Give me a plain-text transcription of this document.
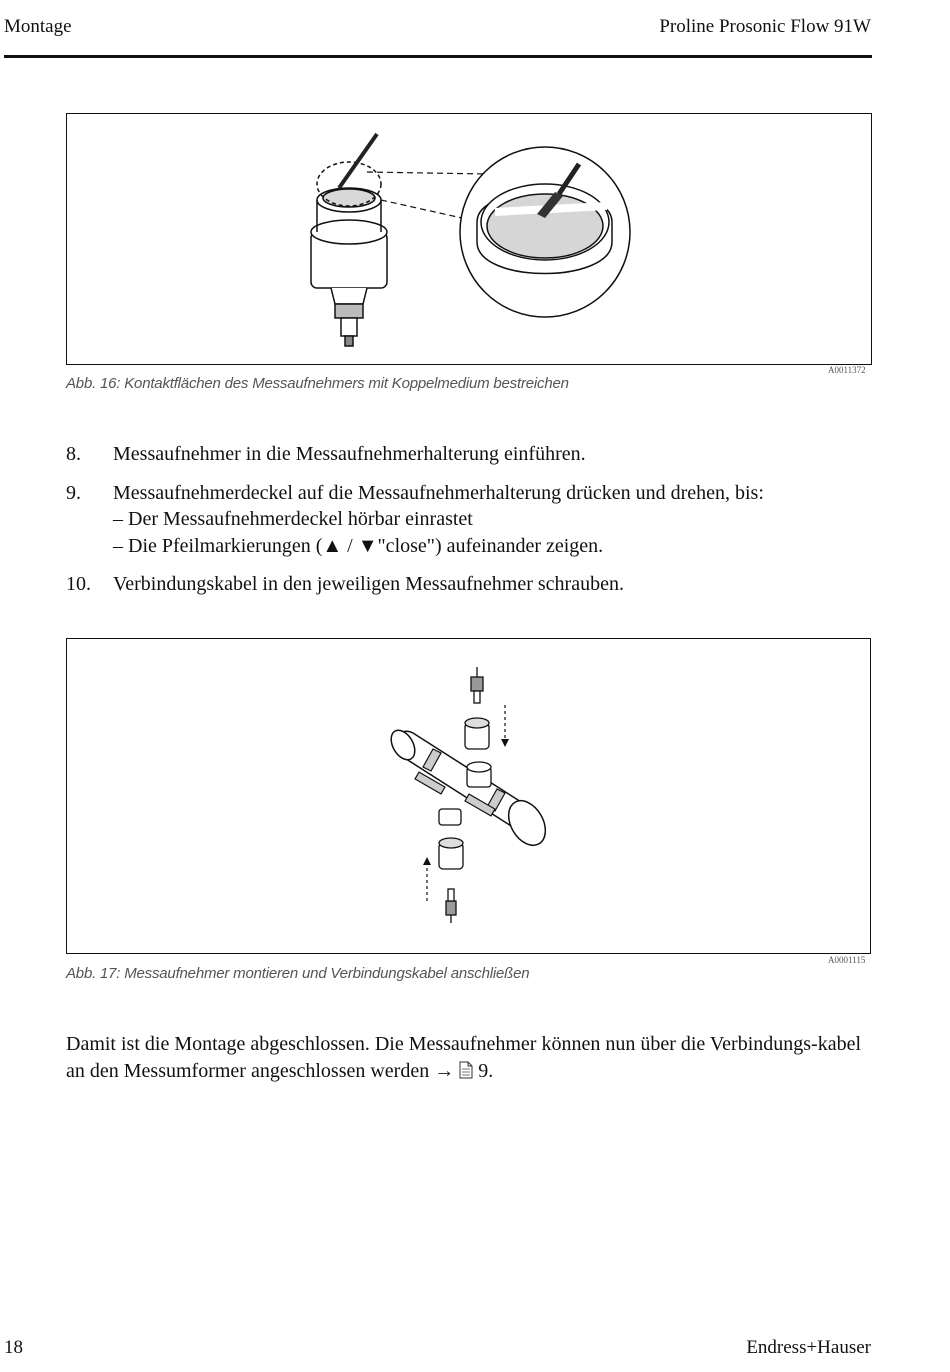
Montage	Proline Prosonic Flow 91W
A0011372
Abb. 16: Kontaktflächen des Messaufnehmers mit Koppelmedium bestreichen
8. Messaufnehmer in die Messaufnehmerhalterung einführen.
9. Messaufnehmerdeckel auf die Messaufnehmerhalterung drücken und drehen, bis:
– Der Messaufnehmerdeckel hörbar einrastet
– Die Pfeilmarkierungen (▲ / ▼"close") aufeinander zeigen.
10. Verbindungskabel in den jeweiligen Messaufnehmer schrauben.
A0001115
Abb. 17: Messaufnehmer montieren und Verbindungskabel anschließen
Damit ist die Montage abgeschlossen. Die Messaufnehmer können nun über die Verbindungs-kabel an den Messumformer angeschlossen werden → 9.
18	Endress+Hauser
